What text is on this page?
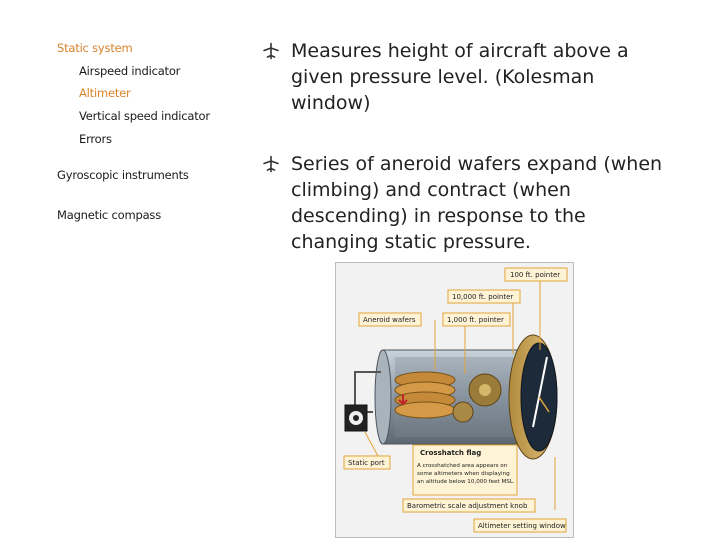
Static system
Airspeed indicator
Altimeter
Vertical speed indicator
Errors
Gyroscopic instruments
Magnetic compass
Measures height of aircraft above a
given pressure level. (Kolesman
window)
Series of aneroid wafers expand (when
climbing) and contract (when
descending) in response to the
changing static pressure.
100 ft. pointer
10,000 ft. pointer
Aneroid wafers	1,000 ft. pointer
Crosshatch flag
A crosshatched area appears on
some altimeters when displaying
an altitude below 10,000 feet MSL.
Static port
Barometric scale adjustment knob
Altimeter setting window
